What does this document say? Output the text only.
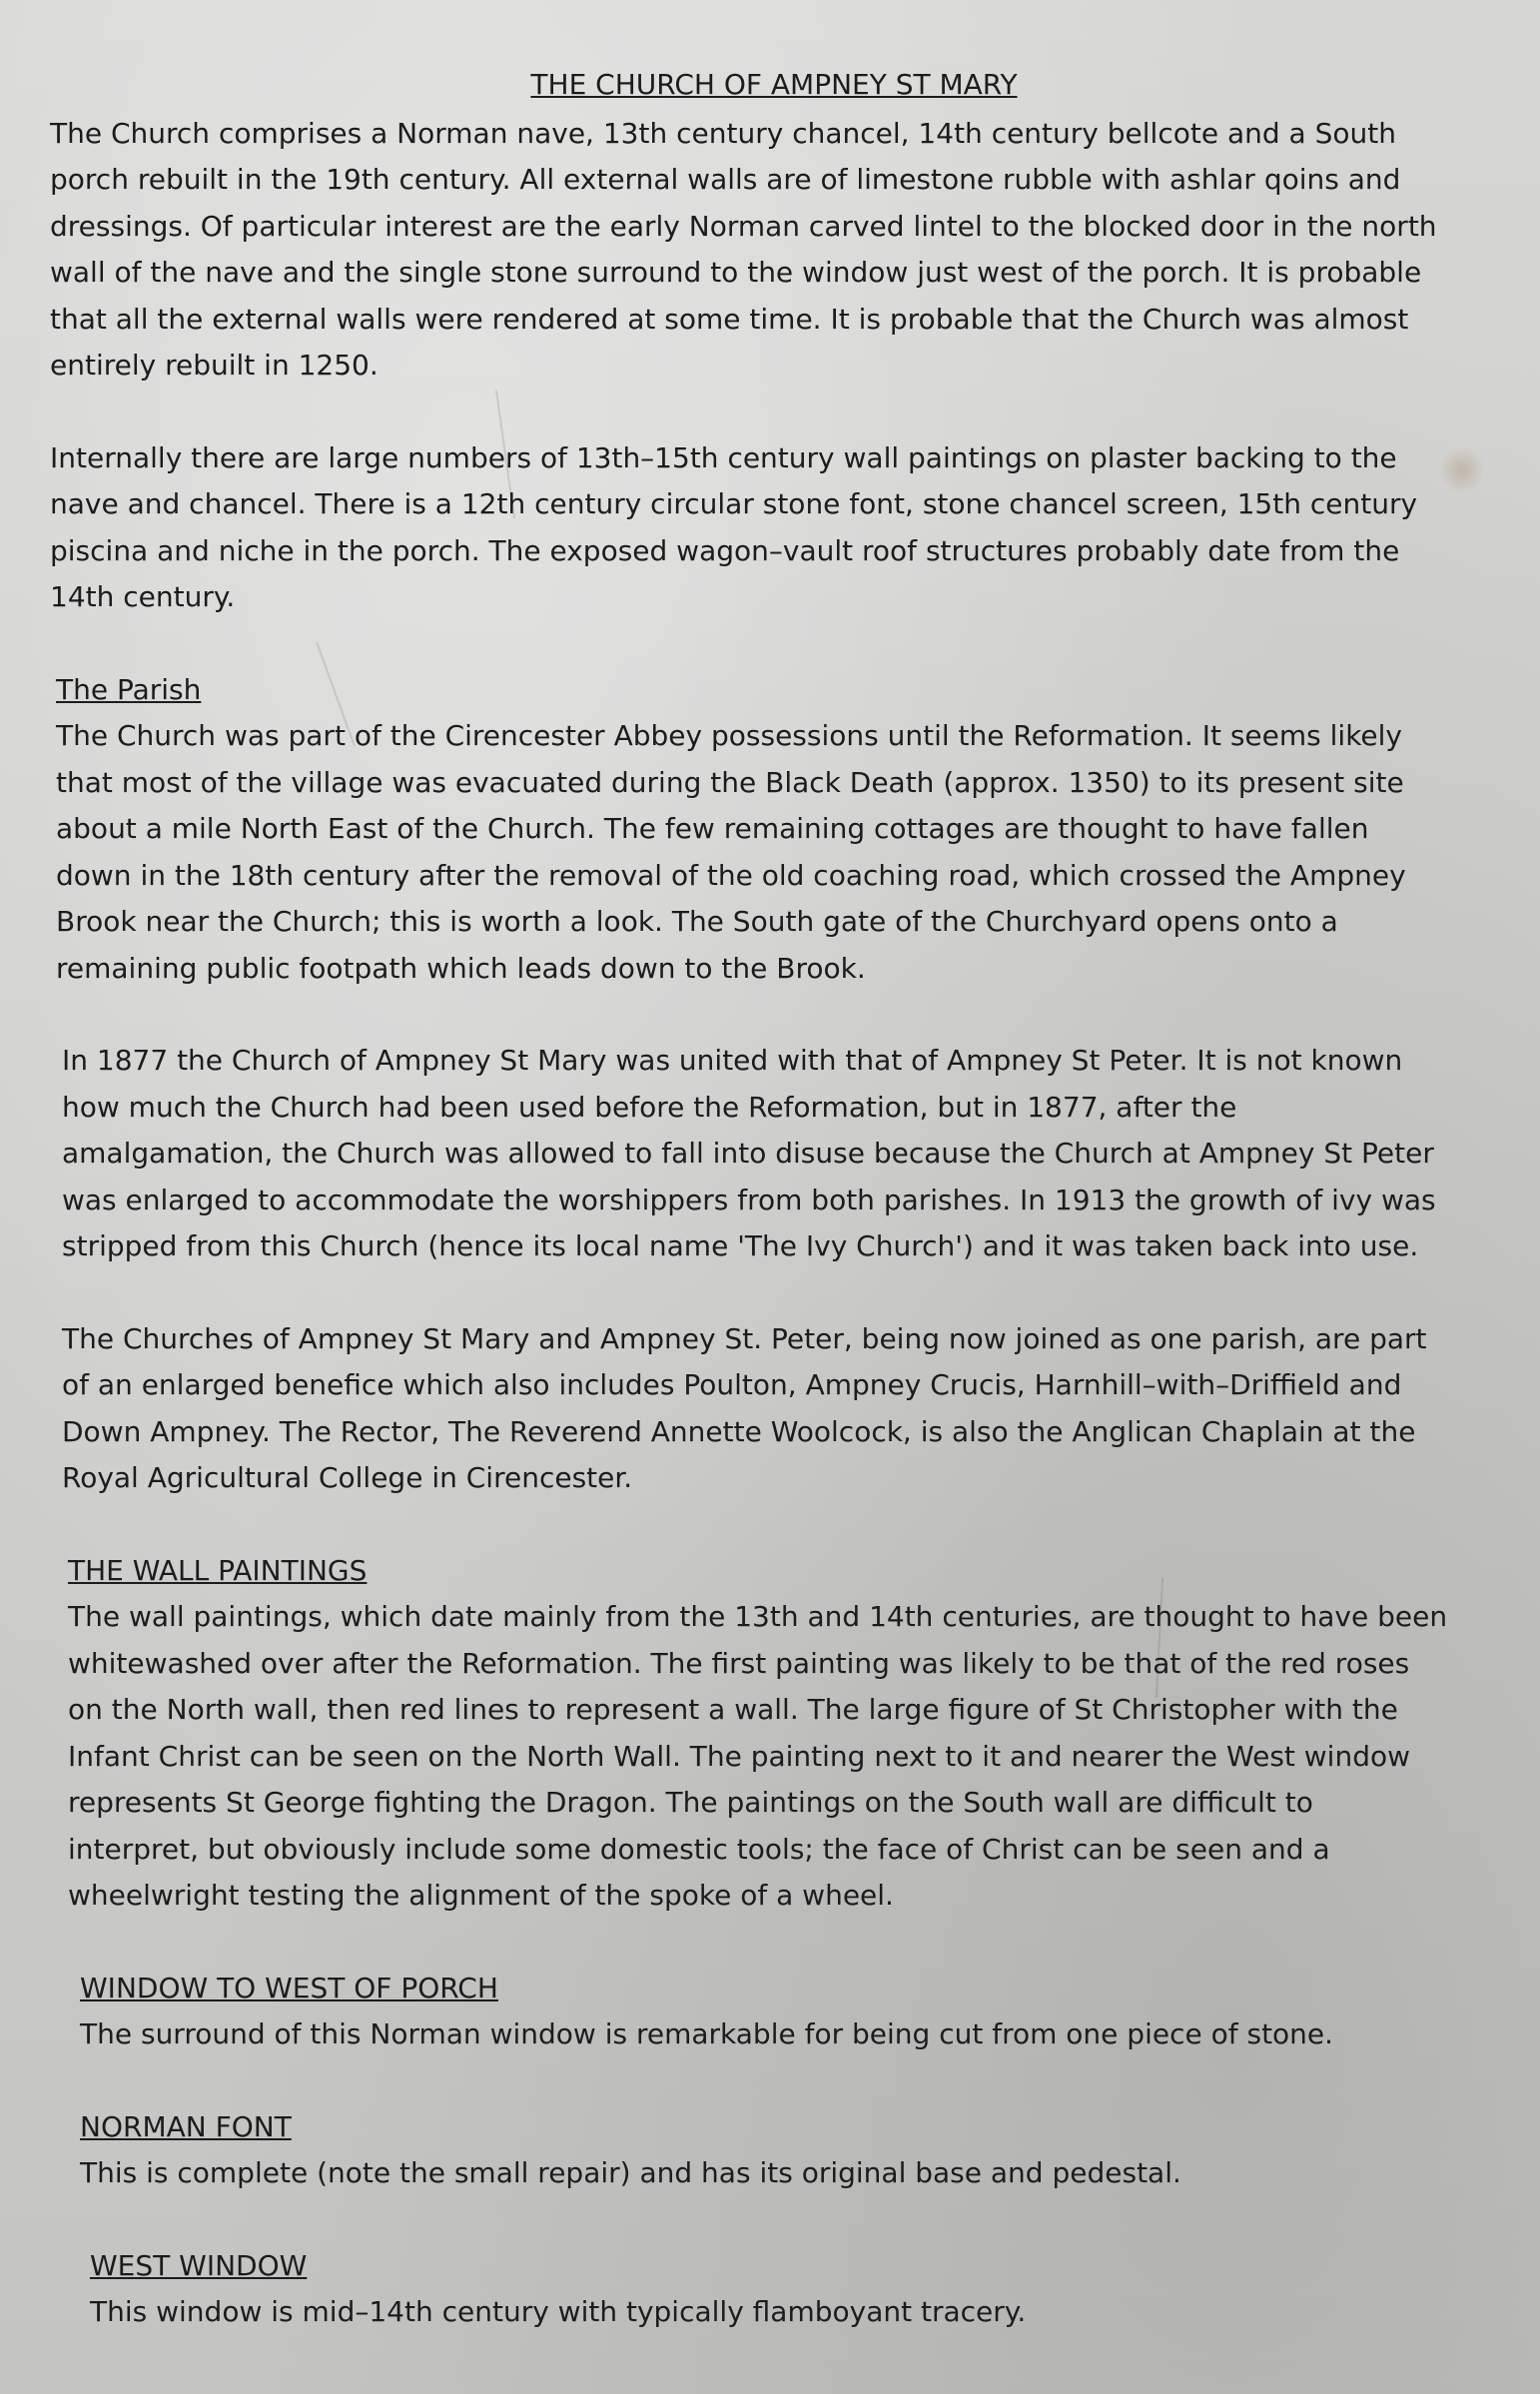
THE CHURCH OF AMPNEY ST MARY

The Church comprises a Norman nave, 13th century chancel, 14th century bellcote and a South porch rebuilt in the 19th century. All external walls are of limestone rubble with ashlar qoins and dressings. Of particular interest are the early Norman carved lintel to the blocked door in the north wall of the nave and the single stone surround to the window just west of the porch. It is probable that all the external walls were rendered at some time. It is probable that the Church was almost entirely rebuilt in 1250.

Internally there are large numbers of 13th–15th century wall paintings on plaster backing to the nave and chancel. There is a 12th century circular stone font, stone chancel screen, 15th century piscina and niche in the porch. The exposed wagon–vault roof structures probably date from the 14th century.

The Parish

The Church was part of the Cirencester Abbey possessions until the Reformation. It seems likely that most of the village was evacuated during the Black Death (approx. 1350) to its present site about a mile North East of the Church. The few remaining cottages are thought to have fallen down in the 18th century after the removal of the old coaching road, which crossed the Ampney Brook near the Church; this is worth a look. The South gate of the Churchyard opens onto a remaining public footpath which leads down to the Brook.

In 1877 the Church of Ampney St Mary was united with that of Ampney St Peter. It is not known how much the Church had been used before the Reformation, but in 1877, after the amalgamation, the Church was allowed to fall into disuse because the Church at Ampney St Peter was enlarged to accommodate the worshippers from both parishes. In 1913 the growth of ivy was stripped from this Church (hence its local name 'The Ivy Church') and it was taken back into use.

The Churches of Ampney St Mary and Ampney St. Peter, being now joined as one parish, are part of an enlarged benefice which also includes Poulton, Ampney Crucis, Harnhill–with–Driffield and Down Ampney. The Rector, The Reverend Annette Woolcock, is also the Anglican Chaplain at the Royal Agricultural College in Cirencester.

THE WALL PAINTINGS

The wall paintings, which date mainly from the 13th and 14th centuries, are thought to have been whitewashed over after the Reformation. The first painting was likely to be that of the red roses on the North wall, then red lines to represent a wall. The large figure of St Christopher with the Infant Christ can be seen on the North Wall. The painting next to it and nearer the West window represents St George fighting the Dragon. The paintings on the South wall are difficult to interpret, but obviously include some domestic tools; the face of Christ can be seen and a wheelwright testing the alignment of the spoke of a wheel.

WINDOW TO WEST OF PORCH

The surround of this Norman window is remarkable for being cut from one piece of stone.

NORMAN FONT

This is complete (note the small repair) and has its original base and pedestal.

WEST WINDOW

This window is mid–14th century with typically flamboyant tracery.
